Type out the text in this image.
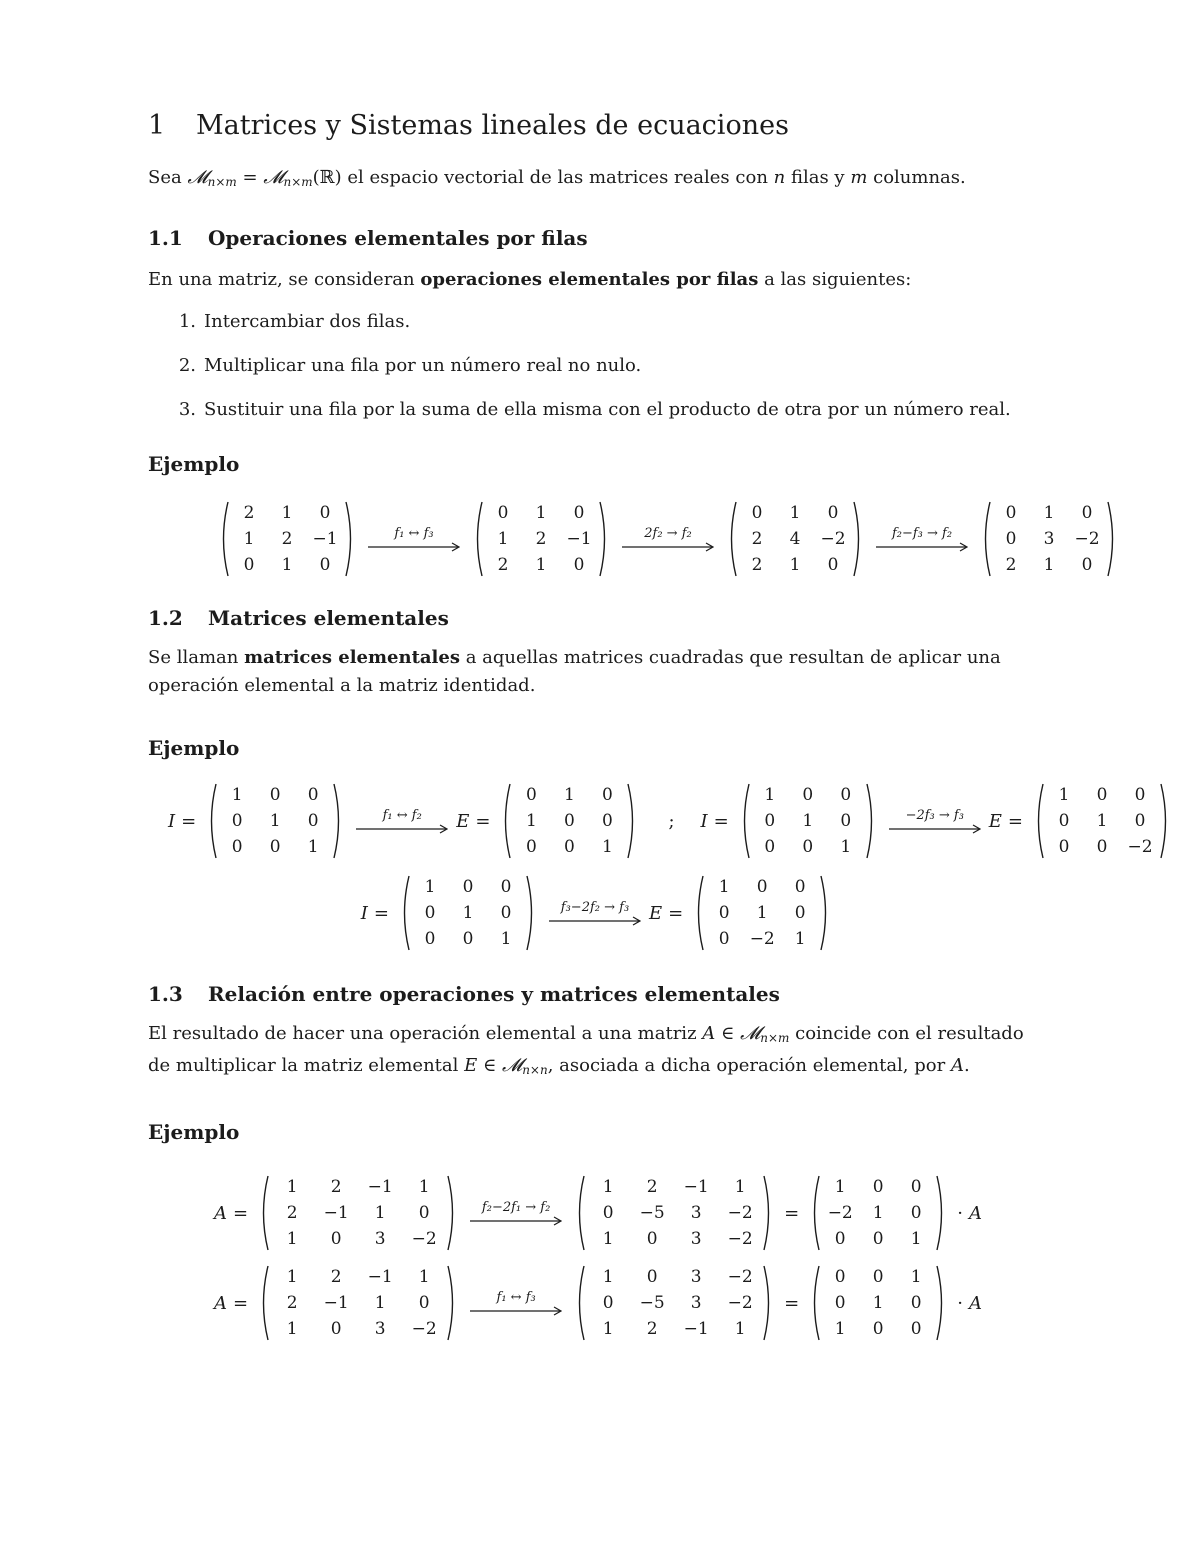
1	Matrices y Sistemas lineales de ecuaciones

Sea 𝓜$_{n\times m}$ = 𝓜$_{n\times m}$(ℝ) el espacio vectorial de las matrices reales con n filas y m columnas.

1.1	Operaciones elementales por filas

En una matriz, se consideran operaciones elementales por filas a las siguientes:

1. Intercambiar dos filas.
2. Multiplicar una fila por un número real no nulo.
3. Sustituir una fila por la suma de ella misma con el producto de otra por un número real.

Ejemplo

2	1	0
1	2	−1
0	1	0
f₁ ↔ f₃
0	1	0
1	2	−1
2	1	0
2f₂ → f₂
0	1	0
2	4	−2
2	1	0
f₂−f₃ → f₂
0	1	0
0	3	−2
2	1	0
1.2	Matrices elementales

Se llaman matrices elementales a aquellas matrices cuadradas que resultan de aplicar una
operación elemental a la matriz identidad.

Ejemplo

I =
1	0	0
0	1	0
0	0	1
f₁ ↔ f₂ E =
0	1	0
1	0	0
0	0	1
; I =
1	0	0
0	1	0
0	0	1
−2f₃ → f₃ E =
1	0	0
0	1	0
0	0	−2
I =
1	0	0
0	1	0
0	0	1
f₃−2f₂ → f₃ E =
1	0	0
0	1	0
0	−2	1
1.3	Relación entre operaciones y matrices elementales

El resultado de hacer una operación elemental a una matriz A ∈ 𝓜$_{n\times m}$ coincide con el resultado
de multiplicar la matriz elemental E ∈ 𝓜$_{n\times n}$, asociada a dicha operación elemental, por A.

Ejemplo

A =
1	2	−1	1
2	−1	1	0
1	0	3	−2
f₂−2f₁ → f₂
1	2	−1	1
0	−5	3	−2
1	0	3	−2
=
1	0	0
−2	1	0
0	0	1
· A
A =
1	2	−1	1
2	−1	1	0
1	0	3	−2
f₁ ↔ f₃
1	0	3	−2
0	−5	3	−2
1	2	−1	1
=
0	0	1
0	1	0
1	0	0
· A
